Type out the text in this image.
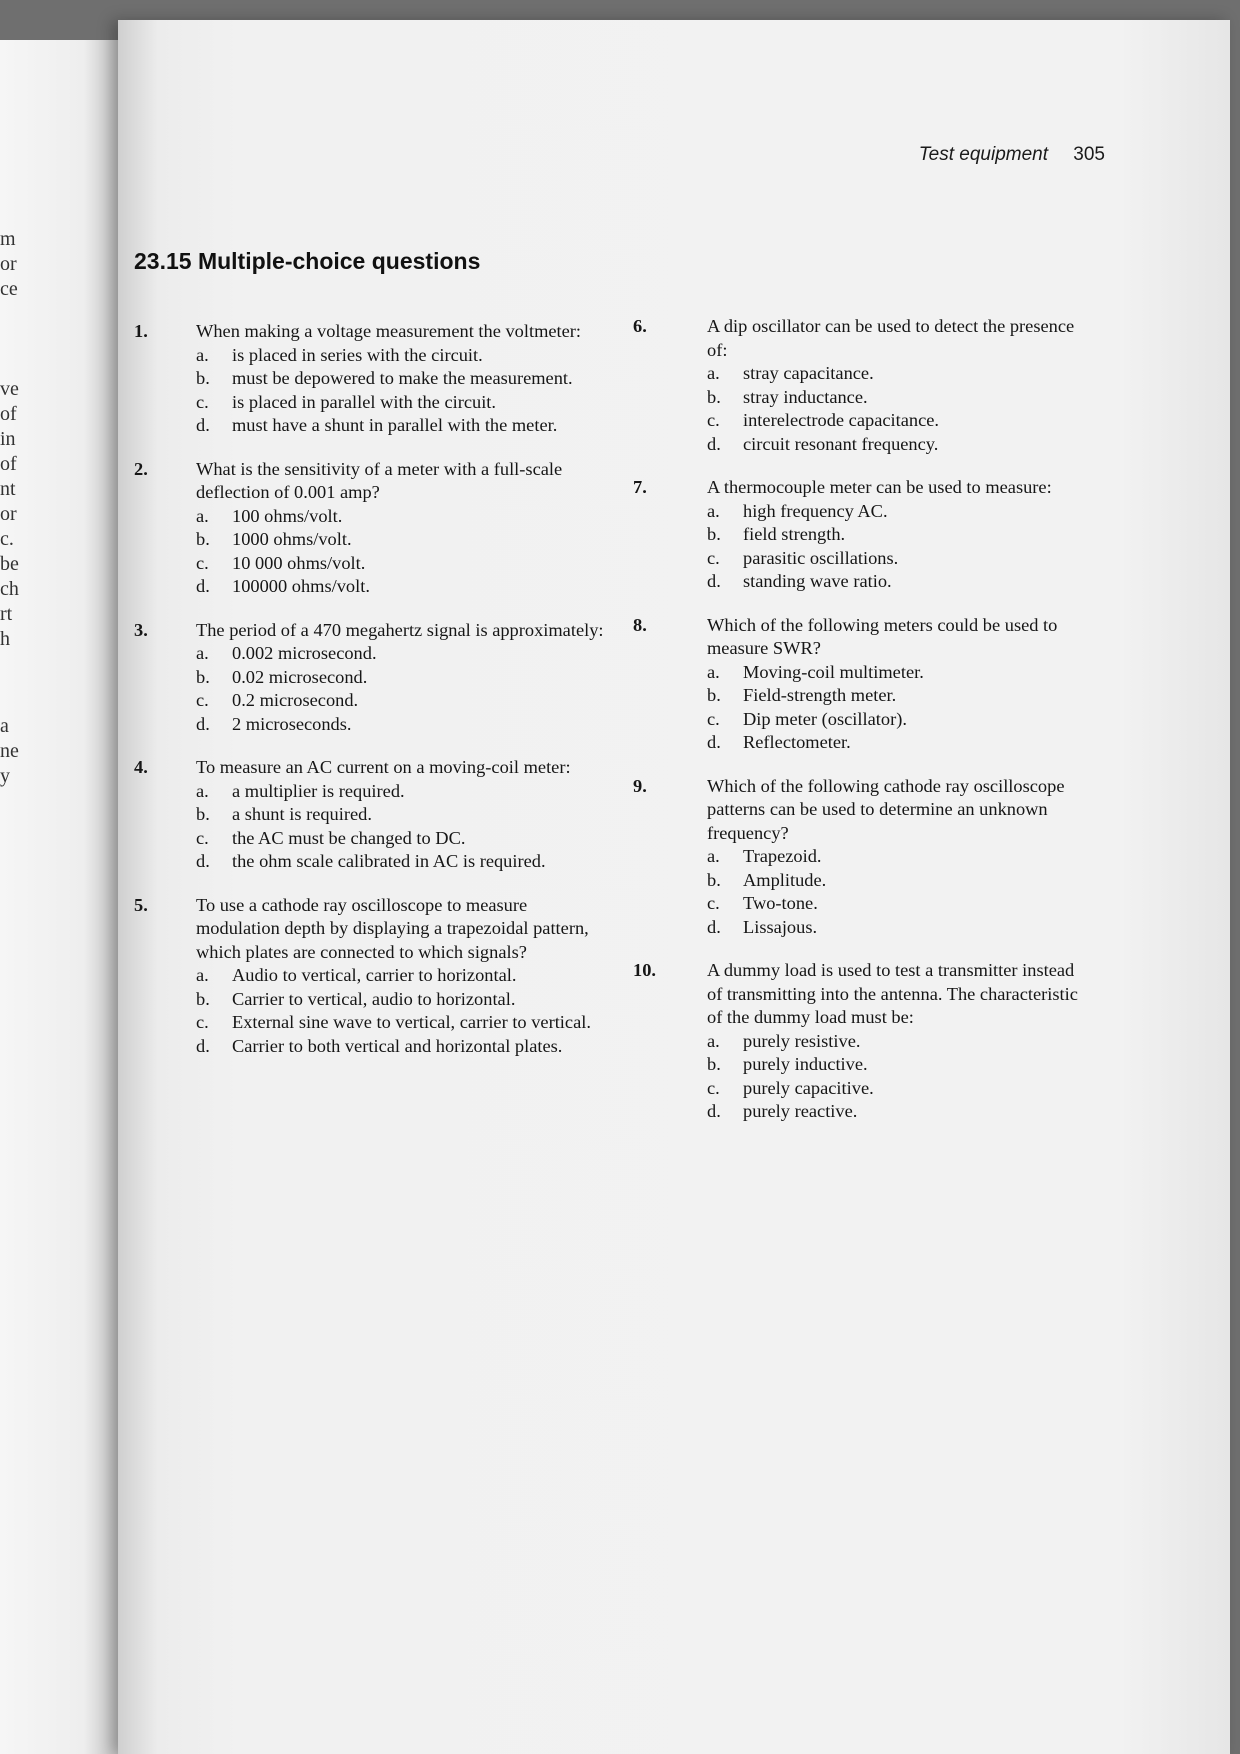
m
or
ce
ve
of
in
of
nt
or
c.
be
ch
rt
h
a
ne
y
Test equipment 305
23.15 Multiple-choice questions
1.	When making a voltage measurement the voltmeter:

a. is placed in series with the circuit.
b. must be depowered to make the measurement.
c. is placed in parallel with the circuit.
d. must have a shunt in parallel with the meter.
2.	What is the sensitivity of a meter with a full-scale deflection of 0.001 amp?

a. 100 ohms/volt.
b. 1000 ohms/volt.
c. 10 000 ohms/volt.
d. 100000 ohms/volt.
3.	The period of a 470 megahertz signal is approximately:

a. 0.002 microsecond.
b. 0.02 microsecond.
c. 0.2 microsecond.
d. 2 microseconds.
4.	To measure an AC current on a moving-coil meter:

a. a multiplier is required.
b. a shunt is required.
c. the AC must be changed to DC.
d. the ohm scale calibrated in AC is required.
5.	To use a cathode ray oscilloscope to measure modulation depth by displaying a trapezoidal pattern, which plates are connected to which signals?

a. Audio to vertical, carrier to horizontal.
b. Carrier to vertical, audio to horizontal.
c. External sine wave to vertical, carrier to vertical.
d. Carrier to both vertical and horizontal plates.
6.	A dip oscillator can be used to detect the presence of:

a. stray capacitance.
b. stray inductance.
c. interelectrode capacitance.
d. circuit resonant frequency.
7.	A thermocouple meter can be used to measure:

a. high frequency AC.
b. field strength.
c. parasitic oscillations.
d. standing wave ratio.
8.	Which of the following meters could be used to measure SWR?

a. Moving-coil multimeter.
b. Field-strength meter.
c. Dip meter (oscillator).
d. Reflectometer.
9.	Which of the following cathode ray oscilloscope patterns can be used to determine an unknown frequency?

a. Trapezoid.
b. Amplitude.
c. Two-tone.
d. Lissajous.
10.	A dummy load is used to test a transmitter instead of transmitting into the antenna. The characteristic of the dummy load must be:

a. purely resistive.
b. purely inductive.
c. purely capacitive.
d. purely reactive.
